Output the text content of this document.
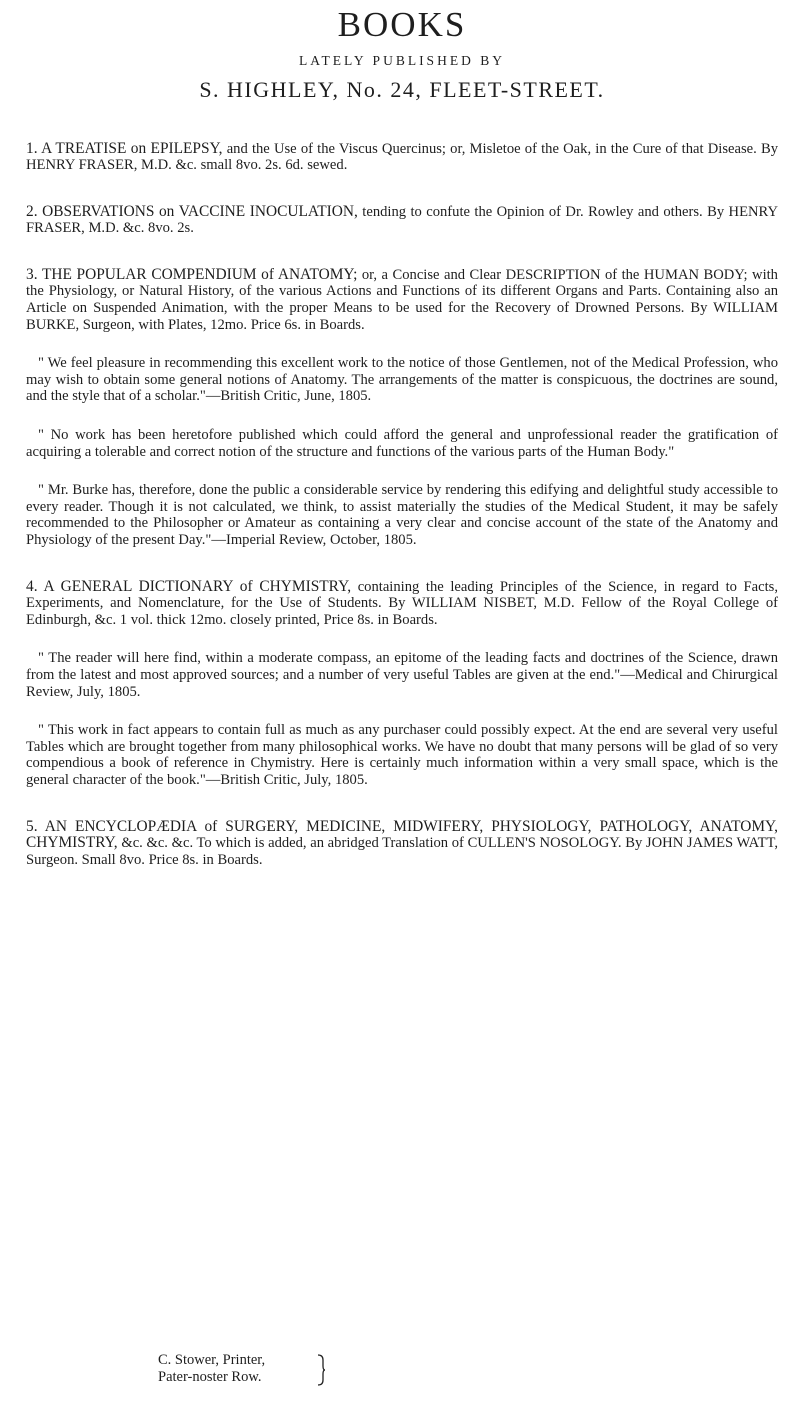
BOOKS
LATELY PUBLISHED BY
S. HIGHLEY, No. 24, FLEET-STREET.

1. A TREATISE on EPILEPSY, and the Use of the Viscus Quercinus; or, Misletoe of the Oak, in the Cure of that Disease. By HENRY FRASER, M.D. &c. small 8vo. 2s. 6d. sewed.

2. OBSERVATIONS on VACCINE INOCULATION, tending to confute the Opinion of Dr. Rowley and others. By HENRY FRASER, M.D. &c. 8vo. 2s.

3. THE POPULAR COMPENDIUM of ANATOMY; or, a Concise and Clear DESCRIPTION of the HUMAN BODY; with the Physiology, or Natural History, of the various Actions and Functions of its different Organs and Parts. Containing also an Article on Suspended Animation, with the proper Means to be used for the Recovery of Drowned Persons. By WILLIAM BURKE, Surgeon, with Plates, 12mo. Price 6s. in Boards.

" We feel pleasure in recommending this excellent work to the notice of those Gentlemen, not of the Medical Profession, who may wish to obtain some general notions of Anatomy. The arrangements of the matter is conspicuous, the doctrines are sound, and the style that of a scholar."—British Critic, June, 1805.

" No work has been heretofore published which could afford the general and unprofessional reader the gratification of acquiring a tolerable and correct notion of the structure and functions of the various parts of the Human Body."

" Mr. Burke has, therefore, done the public a considerable service by rendering this edifying and delightful study accessible to every reader. Though it is not calculated, we think, to assist materially the studies of the Medical Student, it may be safely recommended to the Philosopher or Amateur as containing a very clear and concise account of the state of the Anatomy and Physiology of the present Day."—Imperial Review, October, 1805.

4. A GENERAL DICTIONARY of CHYMISTRY, containing the leading Principles of the Science, in regard to Facts, Experiments, and Nomenclature, for the Use of Students. By WILLIAM NISBET, M.D. Fellow of the Royal College of Edinburgh, &c. 1 vol. thick 12mo. closely printed, Price 8s. in Boards.

" The reader will here find, within a moderate compass, an epitome of the leading facts and doctrines of the Science, drawn from the latest and most approved sources; and a number of very useful Tables are given at the end."—Medical and Chirurgical Review, July, 1805.

" This work in fact appears to contain full as much as any purchaser could possibly expect. At the end are several very useful Tables which are brought together from many philosophical works. We have no doubt that many persons will be glad of so very compendious a book of reference in Chymistry. Here is certainly much information within a very small space, which is the general character of the book."—British Critic, July, 1805.

5. AN ENCYCLOPÆDIA of SURGERY, MEDICINE, MIDWIFERY, PHYSIOLOGY, PATHOLOGY, ANATOMY, CHYMISTRY, &c. &c. &c. To which is added, an abridged Translation of CULLEN'S NOSOLOGY. By JOHN JAMES WATT, Surgeon. Small 8vo. Price 8s. in Boards.

C. Stower, Printer,
Pater-noster Row.
